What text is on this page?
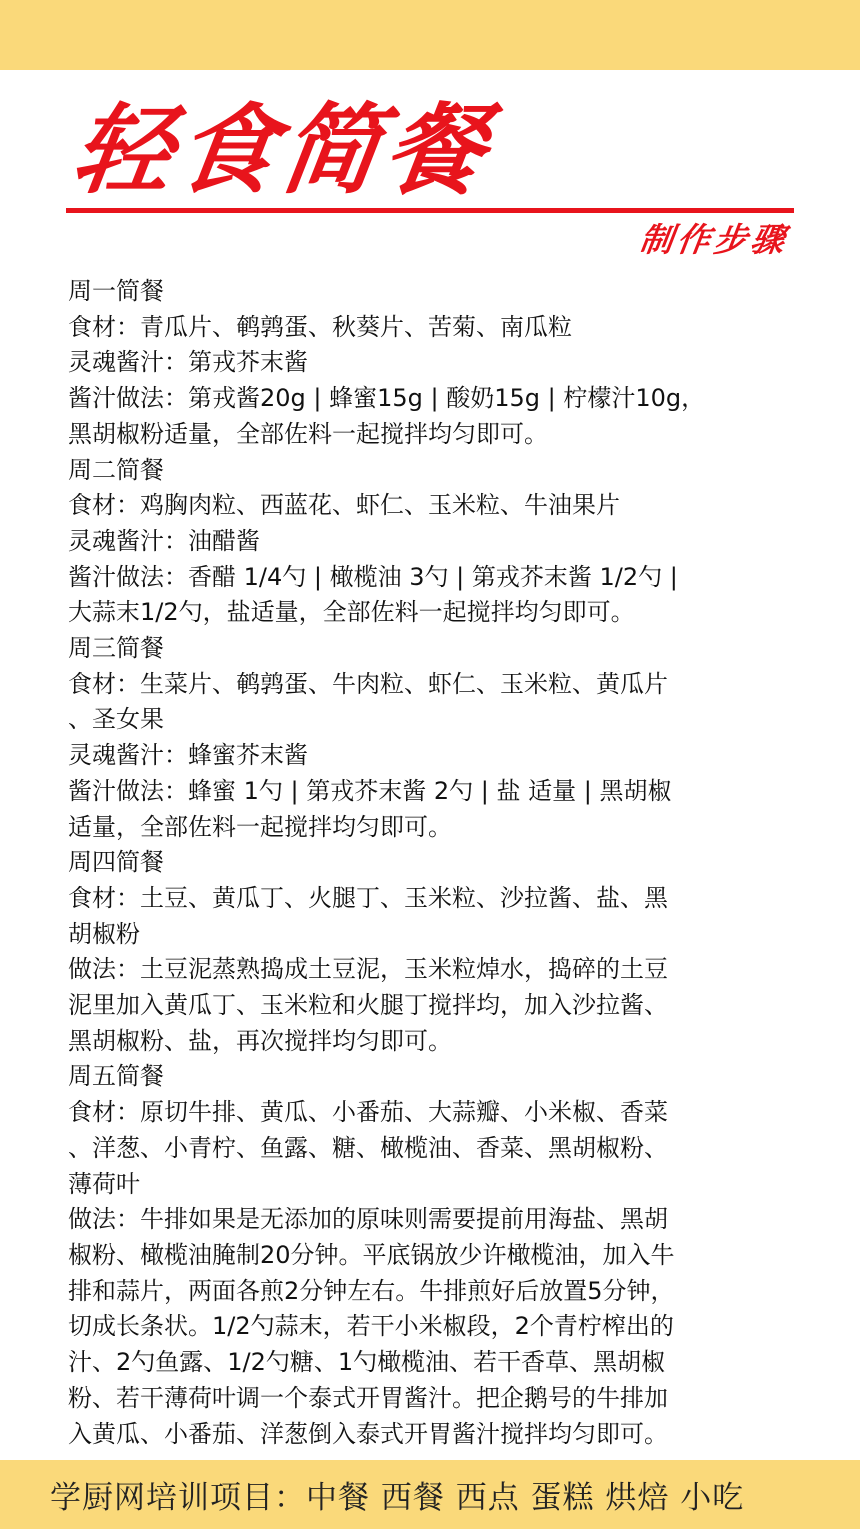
轻食简餐
制作步骤
周一简餐
食材：青瓜片、鹌鹑蛋、秋葵片、苦菊、南瓜粒
灵魂酱汁：第戎芥末酱
酱汁做法：第戎酱20g | 蜂蜜15g | 酸奶15g | 柠檬汁10g，
黑胡椒粉适量，全部佐料一起搅拌均匀即可。
周二简餐
食材：鸡胸肉粒、西蓝花、虾仁、玉米粒、牛油果片
灵魂酱汁：油醋酱
酱汁做法：香醋 1/4勺 | 橄榄油 3勺 | 第戎芥末酱 1/2勺 |
大蒜末1/2勺，盐适量，全部佐料一起搅拌均匀即可。
周三简餐
食材：生菜片、鹌鹑蛋、牛肉粒、虾仁、玉米粒、黄瓜片
、圣女果
灵魂酱汁：蜂蜜芥末酱
酱汁做法：蜂蜜 1勺 | 第戎芥末酱 2勺 | 盐 适量 | 黑胡椒
适量，全部佐料一起搅拌均匀即可。
周四简餐
食材：土豆、黄瓜丁、火腿丁、玉米粒、沙拉酱、盐、黑
胡椒粉
做法：土豆泥蒸熟捣成土豆泥，玉米粒焯水，捣碎的土豆
泥里加入黄瓜丁、玉米粒和火腿丁搅拌均，加入沙拉酱、
黑胡椒粉、盐，再次搅拌均匀即可。
周五简餐
食材：原切牛排、黄瓜、小番茄、大蒜瓣、小米椒、香菜
、洋葱、小青柠、鱼露、糖、橄榄油、香菜、黑胡椒粉、
薄荷叶
做法：牛排如果是无添加的原味则需要提前用海盐、黑胡
椒粉、橄榄油腌制20分钟。平底锅放少许橄榄油，加入牛
排和蒜片，两面各煎2分钟左右。牛排煎好后放置5分钟，
切成长条状。1/2勺蒜末，若干小米椒段，2个青柠榨出的
汁、2勺鱼露、1/2勺糖、1勺橄榄油、若干香草、黑胡椒
粉、若干薄荷叶调一个泰式开胃酱汁。把企鹅号的牛排加
入黄瓜、小番茄、洋葱倒入泰式开胃酱汁搅拌均匀即可。
学厨网培训项目：中餐 西餐 西点 蛋糕 烘焙 小吃
